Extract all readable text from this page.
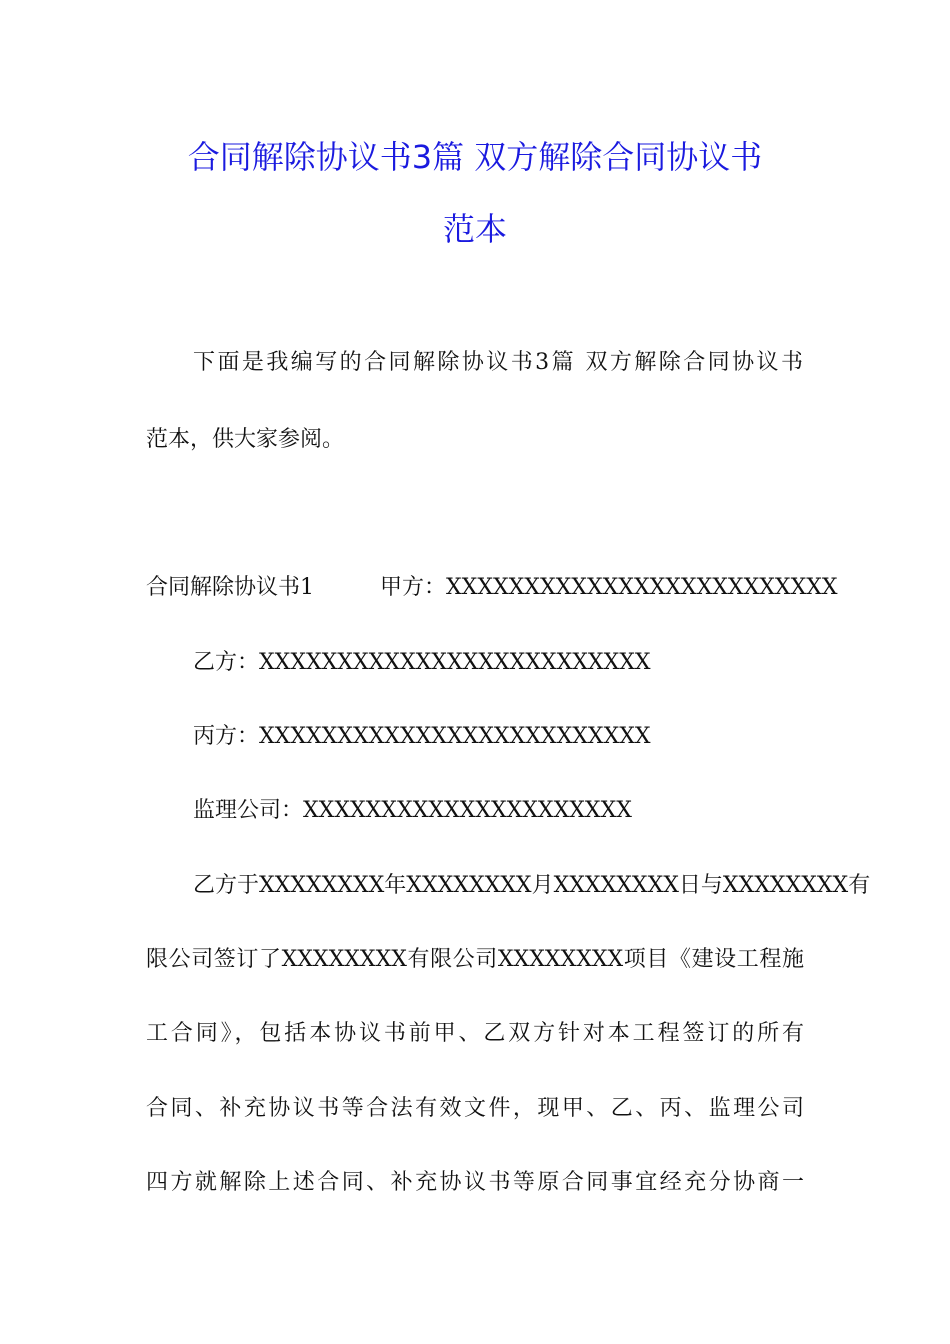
合同解除协议书3篇 双方解除合同协议书
范本
下面是我编写的合同解除协议书3篇 双方解除合同协议书
范本，供大家参阅。
合同解除协议书1	甲方：XXXXXXXXXXXXXXXXXXXXXXXXX
乙方：XXXXXXXXXXXXXXXXXXXXXXXXX
丙方：XXXXXXXXXXXXXXXXXXXXXXXXX
监理公司：XXXXXXXXXXXXXXXXXXXXX
乙方于XXXXXXXX年XXXXXXXX月XXXXXXXX日与XXXXXXXX有
限公司签订了XXXXXXXX有限公司XXXXXXXX项目《建设工程施
工合同》，包括本协议书前甲、乙双方针对本工程签订的所有
合同、补充协议书等合法有效文件，现甲、乙、丙、监理公司
四方就解除上述合同、补充协议书等原合同事宜经充分协商一
